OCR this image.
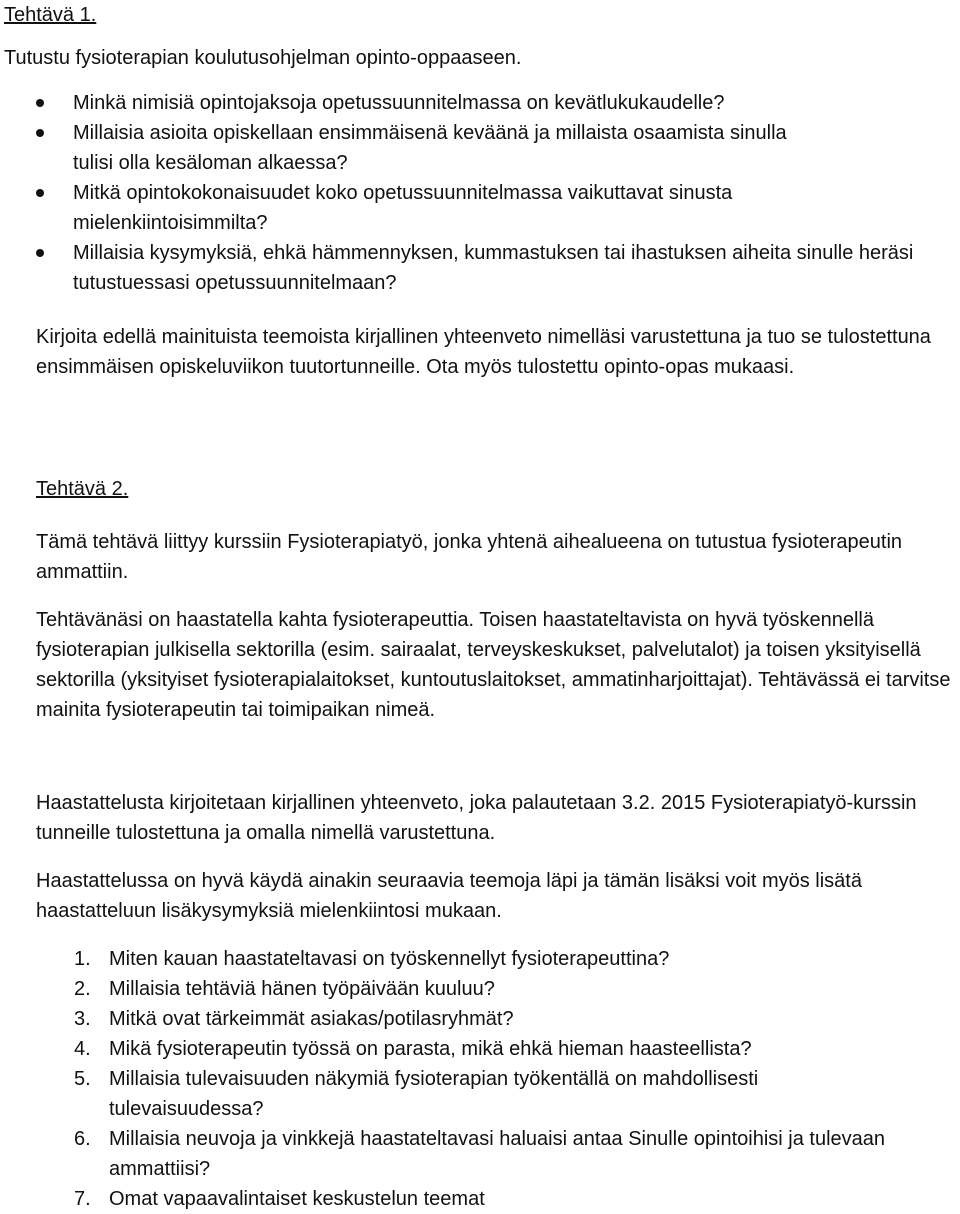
Tehtävä 1.

Tutustu fysioterapian koulutusohjelman opinto-oppaaseen.

Minkä nimisiä opintojaksoja opetussuunnitelmassa on kevätlukukaudelle?
Millaisia asioita opiskellaan ensimmäisenä keväänä ja millaista osaamista sinulla tulisi olla kesäloman alkaessa?
Mitkä opintokokonaisuudet koko opetussuunnitelmassa vaikuttavat sinusta mielenkiintoisimmilta?
Millaisia kysymyksiä, ehkä hämmennyksen, kummastuksen tai ihastuksen aiheita sinulle heräsi tutustuessasi opetussuunnitelmaan?

Kirjoita edellä mainituista teemoista kirjallinen yhteenveto nimelläsi varustettuna ja tuo se tulostettuna ensimmäisen opiskeluviikon tuutortunneille. Ota myös tulostettu opinto-opas mukaasi.

Tehtävä 2.

Tämä tehtävä liittyy kurssiin Fysioterapiatyö, jonka yhtenä aihealueena on tutustua fysioterapeutin ammattiin.

Tehtävänäsi on haastatella kahta fysioterapeuttia. Toisen haastateltavista on hyvä työskennellä fysioterapian julkisella sektorilla (esim. sairaalat, terveyskeskukset, palvelutalot) ja toisen yksityisellä sektorilla (yksityiset fysioterapialaitokset, kuntoutuslaitokset, ammatinharjoittajat). Tehtävässä ei tarvitse mainita fysioterapeutin tai toimipaikan nimeä.

Haastattelusta kirjoitetaan kirjallinen yhteenveto, joka palautetaan 3.2. 2015 Fysioterapiatyö-kurssin tunneille tulostettuna ja omalla nimellä varustettuna.

Haastattelussa on hyvä käydä ainakin seuraavia teemoja läpi ja tämän lisäksi voit myös lisätä haastatteluun lisäkysymyksiä mielenkiintosi mukaan.

1. Miten kauan haastateltavasi on työskennellyt fysioterapeuttina?
2. Millaisia tehtäviä hänen työpäivään kuuluu?
3. Mitkä ovat tärkeimmät asiakas/potilasryhmät?
4. Mikä fysioterapeutin työssä on parasta, mikä ehkä hieman haasteellista?
5. Millaisia tulevaisuuden näkymiä fysioterapian työkentällä on mahdollisesti tulevaisuudessa?
6. Millaisia neuvoja ja vinkkejä haastateltavasi haluaisi antaa Sinulle opintoihisi ja tulevaan ammattiisi?
7. Omat vapaavalintaiset keskustelun teemat
